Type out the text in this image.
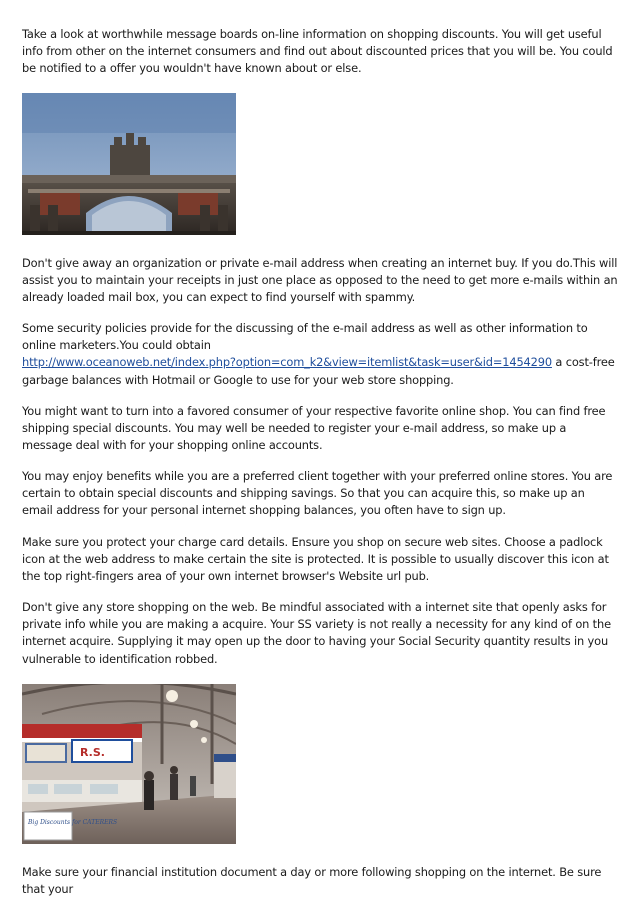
Take a look at worthwhile message boards on-line information on shopping discounts. You will get useful info from other on the internet consumers and find out about discounted prices that you will be. You could be notified to a offer you wouldn't have known about or else.

Don't give away an organization or private e-mail address when creating an internet buy. If you do.This will assist you to maintain your receipts in just one place as opposed to the need to get more e-mails within an already loaded mail box, you can expect to find yourself with spammy.

Some security policies provide for the discussing of the e-mail address as well as other information to online marketers.You could obtain
http://www.oceanoweb.net/index.php?option=com_k2&view=itemlist&task=user&id=1454290 a cost-free garbage balances with Hotmail or Google to use for your web store shopping.

You might want to turn into a favored consumer of your respective favorite online shop. You can find free shipping special discounts. You may well be needed to register your e-mail address, so make up a message deal with for your shopping online accounts.

You may enjoy benefits while you are a preferred client together with your preferred online stores. You are certain to obtain special discounts and shipping savings. So that you can acquire this, so make up an email address for your personal internet shopping balances, you often have to sign up.

Make sure you protect your charge card details. Ensure you shop on secure web sites. Choose a padlock icon at the web address to make certain the site is protected. It is possible to usually discover this icon at the top right-fingers area of your own internet browser's Website url pub.

Don't give any store shopping on the web. Be mindful associated with a internet site that openly asks for private info while you are making a acquire. Your SS variety is not really a necessity for any kind of on the internet acquire. Supplying it may open up the door to having your Social Security quantity results in you vulnerable to identification robbed.

R.S.
Big Discounts for CATERERS

Make sure your financial institution document a day or more following shopping on the internet. Be sure that your
